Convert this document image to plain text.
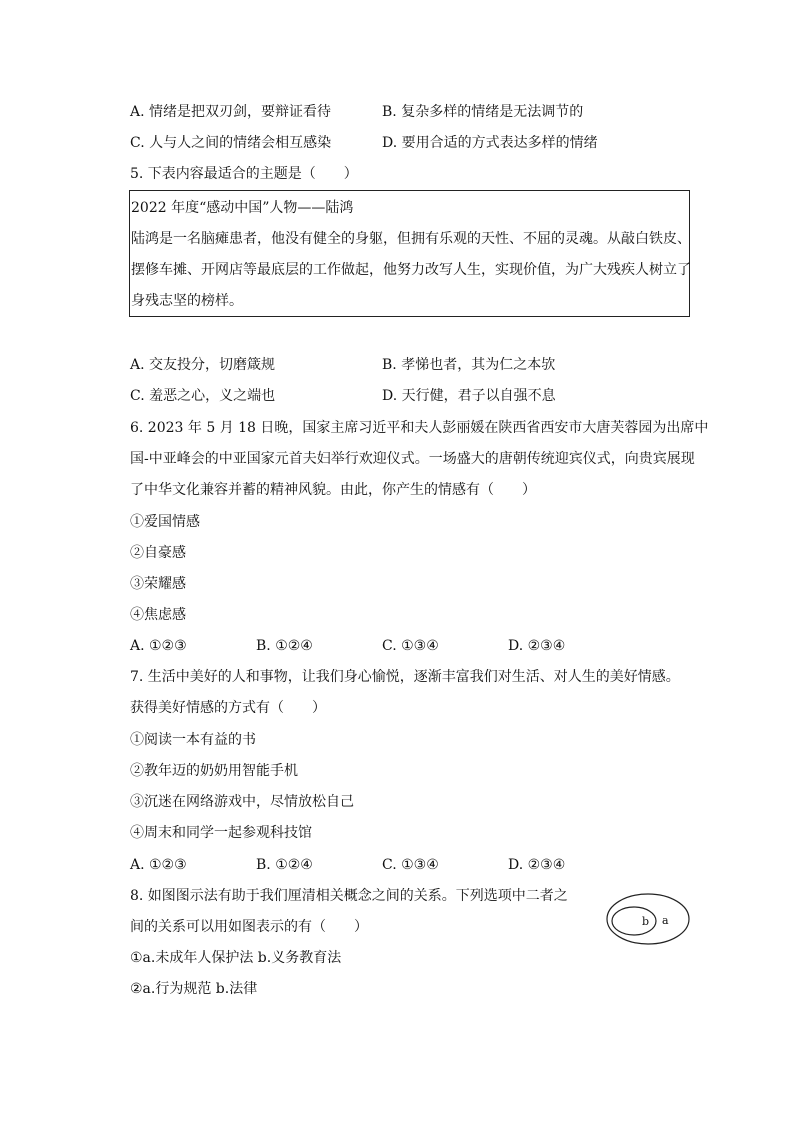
A. 情绪是把双刃剑，要辩证看待	B. 复杂多样的情绪是无法调节的
C. 人与人之间的情绪会相互感染	D. 要用合适的方式表达多样的情绪
5. 下表内容最适合的主题是（　　）
2022 年度“感动中国”人物——陆鸿
陆鸿是一名脑瘫患者，他没有健全的身躯，但拥有乐观的天性、不屈的灵魂。从敲白铁皮、
摆修车摊、开网店等最底层的工作做起，他努力改写人生，实现价值，为广大残疾人树立了
身残志坚的榜样。
A. 交友投分，切磨箴规	B. 孝悌也者，其为仁之本欤
C. 羞恶之心，义之端也	D. 天行健，君子以自强不息
6. 2023 年 5 月 18 日晚，国家主席习近平和夫人彭丽媛在陕西省西安市大唐芙蓉园为出席中
国-中亚峰会的中亚国家元首夫妇举行欢迎仪式。一场盛大的唐朝传统迎宾仪式，向贵宾展现
了中华文化兼容并蓄的精神风貌。由此，你产生的情感有（　　）
①爱国情感
②自豪感
③荣耀感
④焦虑感
A. ①②③	B. ①②④	C. ①③④	D. ②③④
7. 生活中美好的人和事物，让我们身心愉悦，逐渐丰富我们对生活、对人生的美好情感。
获得美好情感的方式有（　　）
①阅读一本有益的书
②教年迈的奶奶用智能手机
③沉迷在网络游戏中，尽情放松自己
④周末和同学一起参观科技馆
A. ①②③	B. ①②④	C. ①③④	D. ②③④
8. 如图图示法有助于我们厘清相关概念之间的关系。下列选项中二者之
间的关系可以用如图表示的有（　　）
①a.未成年人保护法 b.义务教育法
②a.行为规范 b.法律
b a
